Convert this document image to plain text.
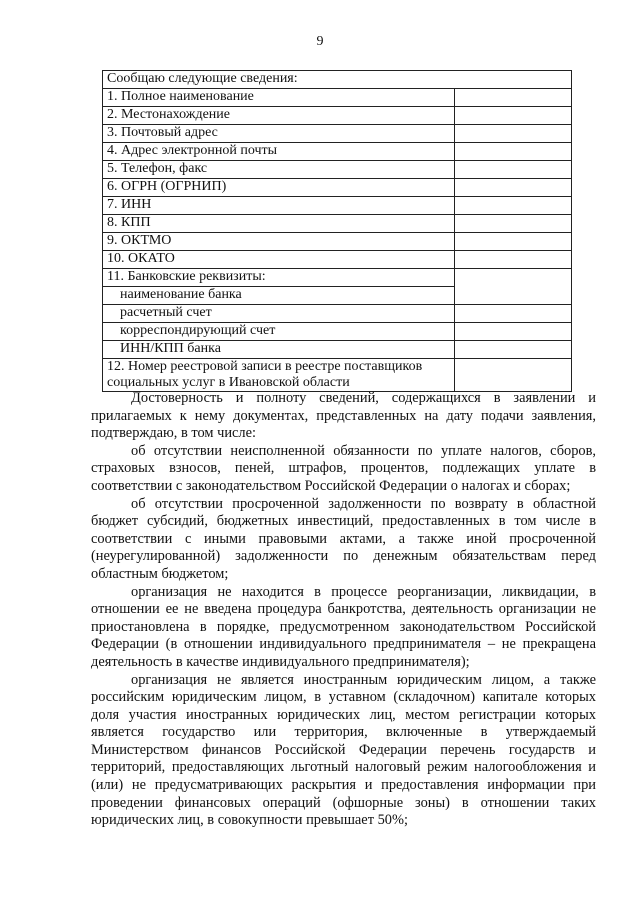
9
Сообщаю следующие сведения:	
1. Полное наименование	
2. Местонахождение	
3. Почтовый адрес	
4. Адрес электронной почты	
5. Телефон, факс	
6. ОГРН (ОГРНИП)	
7. ИНН	
8. КПП	
9. ОКТМО	
10. ОКАТО	
11. Банковские реквизиты:	
наименование банка	
расчетный счет	
корреспондирующий счет	
ИНН/КПП банка	

12. Номер реестровой записи в реестре поставщиков
социальных услуг в Ивановской области	

Достоверность и полноту сведений, содержащихся в заявлении и прилагаемых к нему документах, представленных на дату подачи заявления, подтверждаю, в том числе:

об отсутствии неисполненной обязанности по уплате налогов, сборов, страховых взносов, пеней, штрафов, процентов, подлежащих уплате в соответствии с законодательством Российской Федерации о налогах и сборах;

об отсутствии просроченной задолженности по возврату в областной бюджет субсидий, бюджетных инвестиций, предоставленных в том числе в соответствии с иными правовыми актами, а также иной просроченной (неурегулированной) задолженности по денежным обязательствам перед областным бюджетом;

организация не находится в процессе реорганизации, ликвидации, в отношении ее не введена процедура банкротства, деятельность организации не приостановлена в порядке, предусмотренном законодательством Российской Федерации (в отношении индивидуального предпринимателя – не прекращена деятельность в качестве индивидуального предпринимателя);

организация не является иностранным юридическим лицом, а также российским юридическим лицом, в уставном (складочном) капитале которых доля участия иностранных юридических лиц, местом регистрации которых является государство или территория, включенные в утверждаемый Министерством финансов Российской Федерации перечень государств и территорий, предоставляющих льготный налоговый режим налогообложения и (или) не предусматривающих раскрытия и предоставления информации при проведении финансовых операций (офшорные зоны) в отношении таких юридических лиц, в совокупности превышает 50%;
